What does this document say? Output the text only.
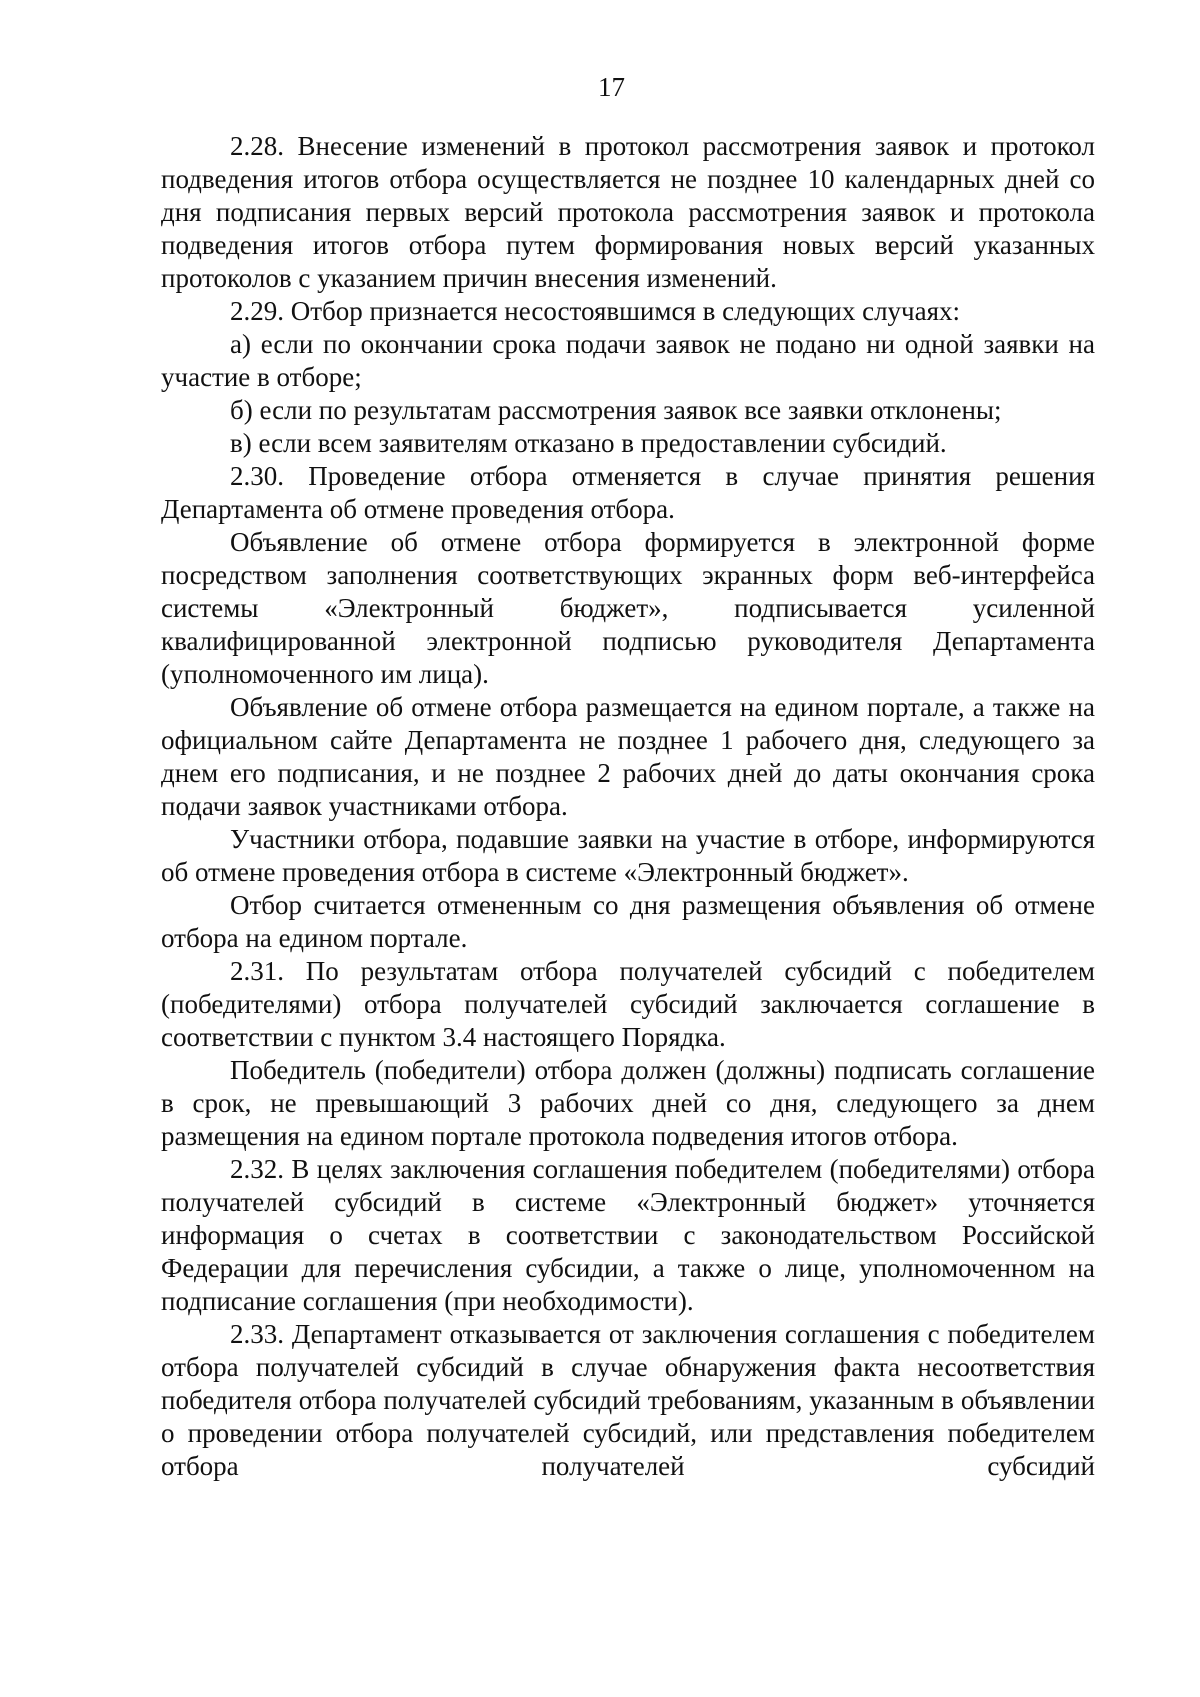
17

2.28. Внесение изменений в протокол рассмотрения заявок и протокол подведения итогов отбора осуществляется не позднее 10 календарных дней со дня подписания первых версий протокола рассмотрения заявок и протокола подведения итогов отбора путем формирования новых версий указанных протоколов с указанием причин внесения изменений.

2.29. Отбор признается несостоявшимся в следующих случаях:

а) если по окончании срока подачи заявок не подано ни одной заявки на участие в отборе;

б) если по результатам рассмотрения заявок все заявки отклонены;

в) если всем заявителям отказано в предоставлении субсидий.

2.30. Проведение отбора отменяется в случае принятия решения Департамента об отмене проведения отбора.

Объявление об отмене отбора формируется в электронной форме посредством заполнения соответствующих экранных форм веб-интерфейса системы «Электронный бюджет», подписывается усиленной квалифицированной электронной подписью руководителя Департамента (уполномоченного им лица).

Объявление об отмене отбора размещается на едином портале, а также на официальном сайте Департамента не позднее 1 рабочего дня, следующего за днем его подписания, и не позднее 2 рабочих дней до даты окончания срока подачи заявок участниками отбора.

Участники отбора, подавшие заявки на участие в отборе, информируются об отмене проведения отбора в системе «Электронный бюджет».

Отбор считается отмененным со дня размещения объявления об отмене отбора на едином портале.

2.31. По результатам отбора получателей субсидий с победителем (победителями) отбора получателей субсидий заключается соглашение в соответствии с пунктом 3.4 настоящего Порядка.

Победитель (победители) отбора должен (должны) подписать соглашение в срок, не превышающий 3 рабочих дней со дня, следующего за днем размещения на едином портале протокола подведения итогов отбора.

2.32. В целях заключения соглашения победителем (победителями) отбора получателей субсидий в системе «Электронный бюджет» уточняется информация о счетах в соответствии с законодательством Российской Федерации для перечисления субсидии, а также о лице, уполномоченном на подписание соглашения (при необходимости).

2.33. Департамент отказывается от заключения соглашения с победителем отбора получателей субсидий в случае обнаружения факта несоответствия победителя отбора получателей субсидий требованиям, указанным в объявлении о проведении отбора получателей субсидий, или представления победителем отбора получателей субсидий
